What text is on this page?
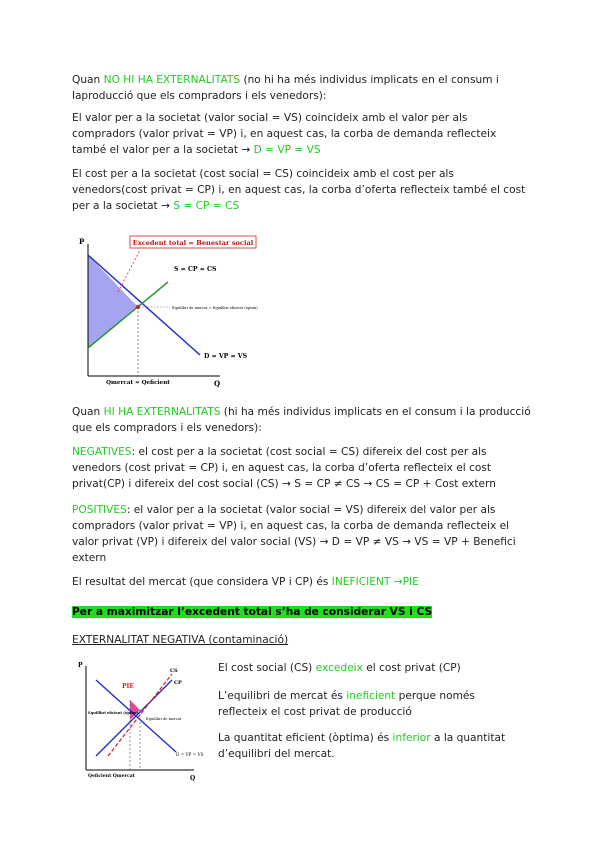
Quan NO HI HA EXTERNALITATS (no hi ha més individus implicats en el consum i laproducció que els compradors i els venedors):
El valor per a la societat (valor social = VS) coincideix amb el valor per als compradors (valor privat = VP) i, en aquest cas, la corba de demanda reflecteix també el valor per a la societat → D = VP = VS
El cost per a la societat (cost social = CS) coincideix amb el cost per als venedors(cost privat = CP) i, en aquest cas, la corba d’oferta reflecteix també el cost per a la societat → S = CP = CS
P
Q
Excedent total = Benestar social
S = CP = CS
D = VP = VS
Equilibri de mercat = Equilibri eficient (òptim)
Qmercat = Qeficient
Quan HI HA EXTERNALITATS (hi ha més individus implicats en el consum i la producció que els compradors i els venedors):
NEGATIVES: el cost per a la societat (cost social = CS) difereix del cost per als venedors (cost privat = CP) i, en aquest cas, la corba d’oferta reflecteix el cost privat(CP) i difereix del cost social (CS) → S = CP ≠ CS → CS = CP + Cost extern
POSITIVES: el valor per a la societat (valor social = VS) difereix del valor per als compradors (valor privat = VP) i, en aquest cas, la corba de demanda reflecteix el valor privat (VP) i difereix del valor social (VS) → D = VP ≠ VS → VS = VP + Benefici extern
El resultat del mercat (que considera VP i CP) és INEFICIENT →PIE
Per a maximitzar l’excedent total s’ha de considerar VS i CS
EXTERNALITAT NEGATIVA (contaminació)
P
Q
PIE
CS
CP
Equilibri eficient (òptim)
Equilibri de mercat
D = VP = VS
Qeficient Qmercat
El cost social (CS) excedeix el cost privat (CP)
L’equilibri de mercat és ineficient perque només reflecteix el cost privat de producció
La quantitat eficient (òptima) és inferior a la quantitat d’equilibri del mercat.
